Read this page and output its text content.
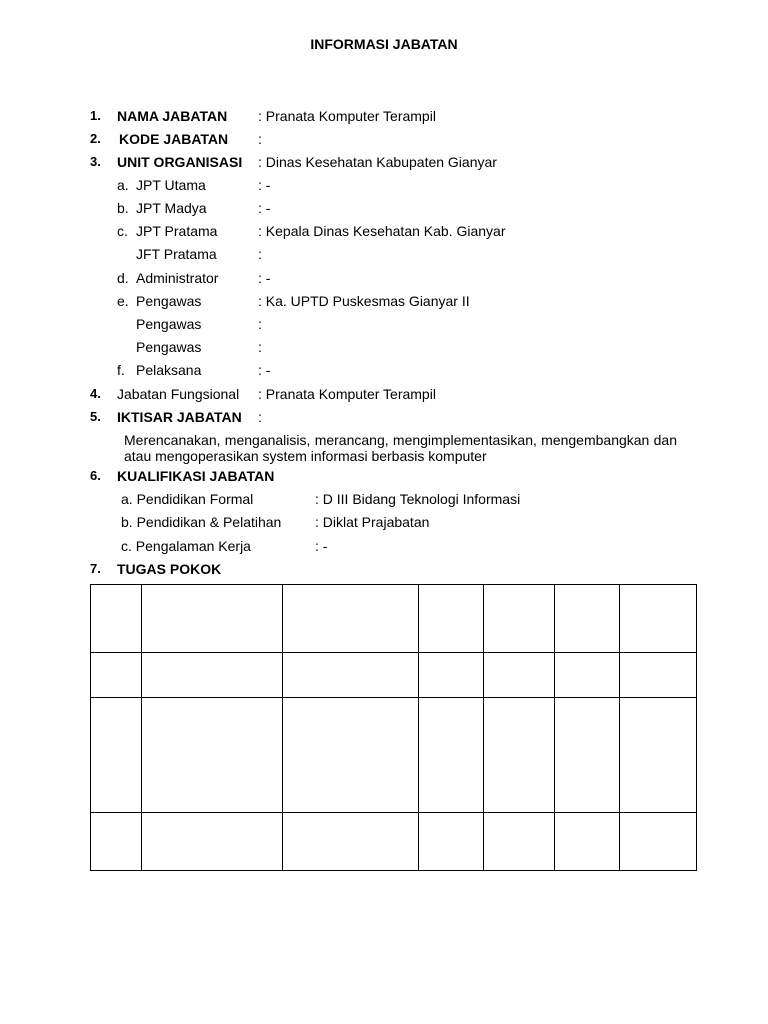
INFORMASI JABATAN
1. NAMA JABATAN : Pranata Komputer Terampil
2. KODE JABATAN :
3. UNIT ORGANISASI : Dinas Kesehatan Kabupaten Gianyar
a. JPT Utama	: -
b. JPT Madya	: -
c. JPT Pratama	: Kepala Dinas Kesehatan Kab. Gianyar
JFT Pratama	:
d. Administrator	: -
e. Pengawas	: Ka. UPTD Puskesmas Gianyar II
Pengawas	:
Pengawas	:
f. Pelaksana	: -
4. Jabatan Fungsional : Pranata Komputer Terampil
5. IKTISAR JABATAN :
Merencanakan, menganalisis, merancang, mengimplementasikan, mengembangkan dan atau mengoperasikan system informasi berbasis komputer
6. KUALIFIKASI JABATAN
a. Pendidikan Formal	: D III Bidang Teknologi Informasi
b. Pendidikan & Pelatihan : Diklat Prajabatan
c. Pengalaman Kerja	: -
7. TUGAS POKOK
